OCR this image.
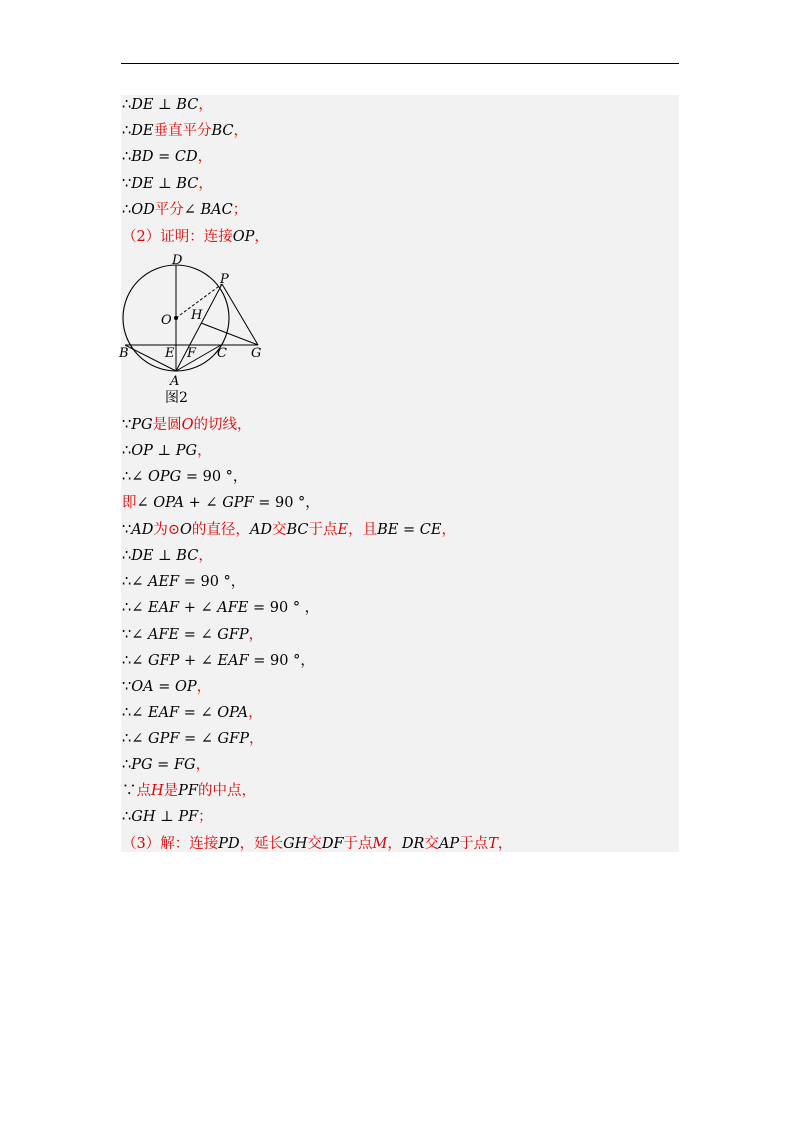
∴DE ⊥ BC，
∴DE垂直平分BC，
∴BD = CD，
∵DE ⊥ BC，
∴OD平分∠ BAC；
（2）证明：连接OP，
∵PG是圆O的切线，
∴OP ⊥ PG，
∴∠ OPG = 90 °，
即∠ OPA + ∠ GPF = 90 °，
∵AD为⊙O的直径，AD交BC于点E，且BE = CE，
∴DE ⊥ BC，
∴∠ AEF = 90 °，
∴∠ EAF + ∠ AFE = 90 ° ，
∵∠ AFE = ∠ GFP，
∴∠ GFP + ∠ EAF = 90 °，
∵OA = OP，
∴∠ EAF = ∠ OPA，
∴∠ GPF = ∠ GFP，
∴PG = FG，
∵点H是PF的中点，
∴GH ⊥ PF；
（3）解：连接PD，延长GH交DF于点M，DR交AP于点T，
D
P
O H
B	E F C G
A
图2
